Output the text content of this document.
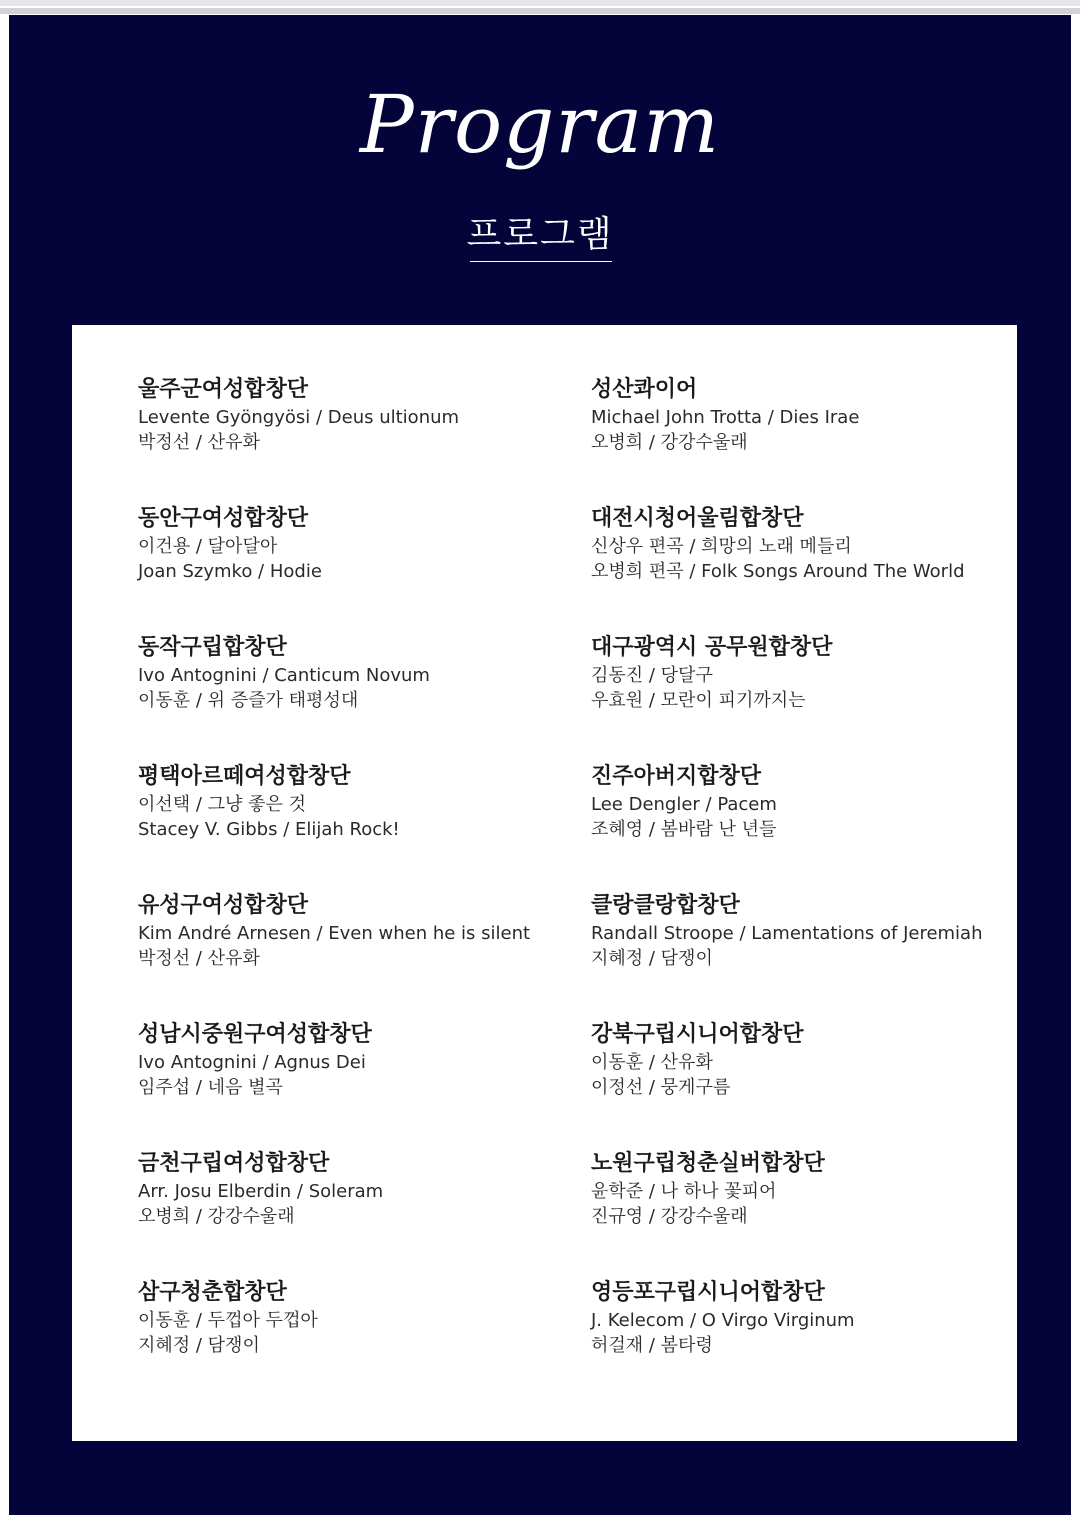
Program
프로그램
울주군여성합창단
Levente Gyöngyösi / Deus ultionum
박정선 / 산유화
동안구여성합창단
이건용 / 달아달아
Joan Szymko / Hodie
동작구립합창단
Ivo Antognini / Canticum Novum
이동훈 / 위 증즐가 태평성대
평택아르떼여성합창단
이선택 / 그냥 좋은 것
Stacey V. Gibbs / Elijah Rock!
유성구여성합창단
Kim André Arnesen / Even when he is silent
박정선 / 산유화
성남시중원구여성합창단
Ivo Antognini / Agnus Dei
임주섭 / 네음 별곡
금천구립여성합창단
Arr. Josu Elberdin / Soleram
오병희 / 강강수울래
삼구청춘합창단
이동훈 / 두껍아 두껍아
지혜정 / 담쟁이
성산콰이어
Michael John Trotta / Dies Irae
오병희 / 강강수울래
대전시청어울림합창단
신상우 편곡 / 희망의 노래 메들리
오병희 편곡 / Folk Songs Around The World
대구광역시 공무원합창단
김동진 / 당달구
우효원 / 모란이 피기까지는
진주아버지합창단
Lee Dengler / Pacem
조혜영 / 봄바람 난 년들
클랑클랑합창단
Randall Stroope / Lamentations of Jeremiah
지혜정 / 담쟁이
강북구립시니어합창단
이동훈 / 산유화
이정선 / 뭉게구름
노원구립청춘실버합창단
윤학준 / 나 하나 꽃피어
진규영 / 강강수울래
영등포구립시니어합창단
J. Kelecom / O Virgo Virginum
허걸재 / 봄타령
